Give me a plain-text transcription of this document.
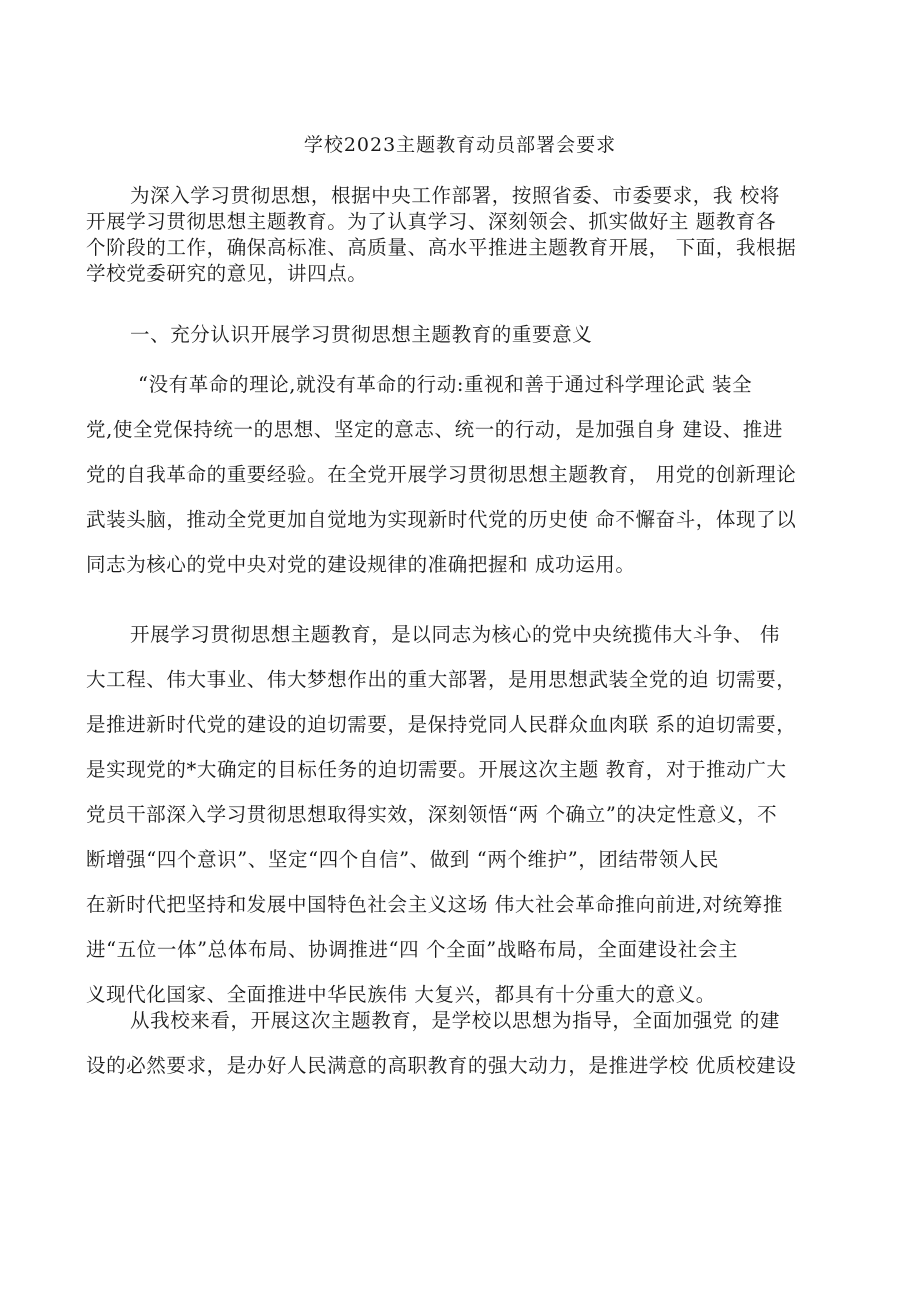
学校2023主题教育动员部署会要求
为深入学习贯彻思想，根据中央工作部署，按照省委、市委要求，我 校将
开展学习贯彻思想主题教育。为了认真学习、深刻领会、抓实做好主 题教育各
个阶段的工作，确保高标准、高质量、高水平推进主题教育开展， 下面，我根据
学校党委研究的意见，讲四点。
一、充分认识开展学习贯彻思想主题教育的重要意义
“没有革命的理论,就没有革命的行动:重视和善于通过科学理论武 装全
党,使全党保持统一的思想、坚定的意志、统一的行动，是加强自身 建设、推进
党的自我革命的重要经验。在全党开展学习贯彻思想主题教育， 用党的创新理论
武装头脑，推动全党更加自觉地为实现新时代党的历史使 命不懈奋斗，体现了以
同志为核心的党中央对党的建设规律的准确把握和 成功运用。
开展学习贯彻思想主题教育，是以同志为核心的党中央统揽伟大斗争、 伟
大工程、伟大事业、伟大梦想作出的重大部署，是用思想武装全党的迫 切需要，
是推进新时代党的建设的迫切需要，是保持党同人民群众血肉联 系的迫切需要，
是实现党的*大确定的目标任务的迫切需要。开展这次主题 教育，对于推动广大
党员干部深入学习贯彻思想取得实效，深刻领悟“两 个确立”的决定性意义，不
断增强“四个意识”、坚定“四个自信”、做到 “两个维护”，团结带领人民
在新时代把坚持和发展中国特色社会主义这场 伟大社会革命推向前进,对统筹推
进“五位一体”总体布局、协调推进“四 个全面”战略布局，全面建设社会主
义现代化国家、全面推进中华民族伟 大复兴，都具有十分重大的意义。
从我校来看，开展这次主题教育，是学校以思想为指导，全面加强党 的建
设的必然要求，是办好人民满意的高职教育的强大动力，是推进学校 优质校建设
